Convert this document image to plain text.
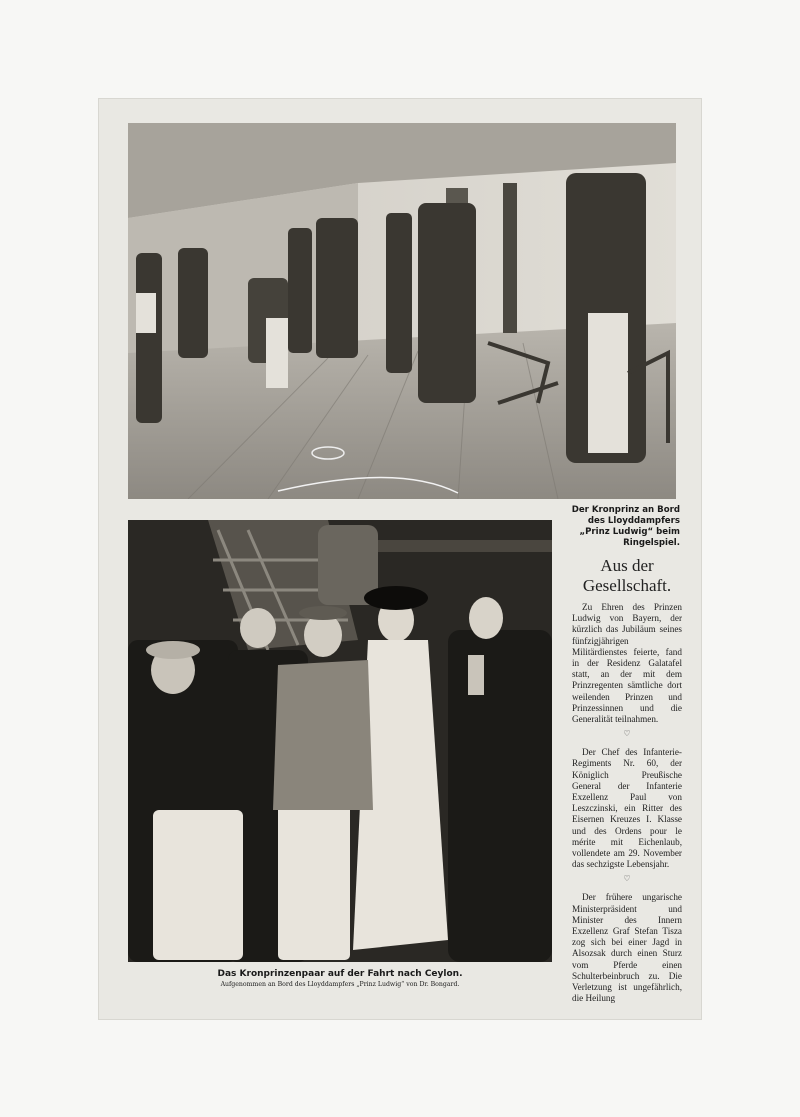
Der Kronprinz an Bord des Lloyddampfers „Prinz Ludwig“ beim Ringelspiel.
Das Kronprinzenpaar auf der Fahrt nach Ceylon.
Aufgenommen an Bord des Lloyddampfers „Prinz Ludwig“ von Dr. Bongard.
Aus der Gesellschaft.
Zu Ehren des Prinzen Ludwig von Bayern, der kürzlich das Jubiläum seines fünfzigjährigen Militärdienstes feierte, fand in der Residenz Galatafel statt, an der mit dem Prinzregenten sämtliche dort weilenden Prinzen und Prinzessinnen und die Generalität teilnahmen.
♡
Der Chef des Infanterie-Regiments Nr. 60, der Königlich Preußische General der Infanterie Exzellenz Paul von Leszczinski, ein Ritter des Eisernen Kreuzes I. Klasse und des Ordens pour le mérite mit Eichenlaub, vollendete am 29. November das sechzigste Lebensjahr.
♡
Der frühere ungarische Ministerpräsident und Minister des Innern Exzellenz Graf Stefan Tisza zog sich bei einer Jagd in Alsozsak durch einen Sturz vom Pferde einen Schulterbeinbruch zu. Die Verletzung ist ungefährlich, die Heilung
